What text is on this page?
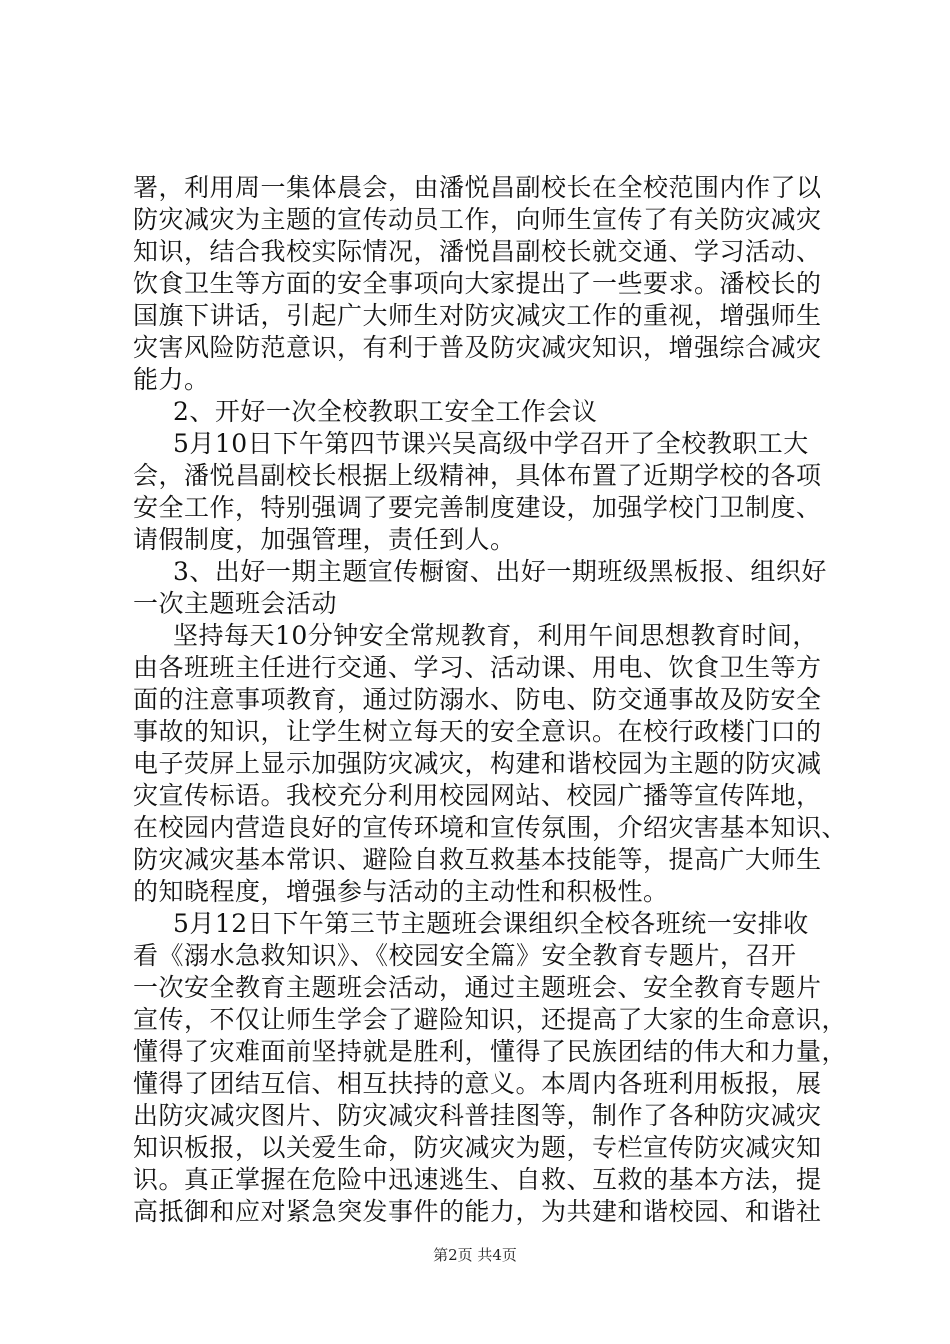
署，利用周一集体晨会，由潘悦昌副校长在全校范围内作了以
防灾减灾为主题的宣传动员工作，向师生宣传了有关防灾减灾
知识，结合我校实际情况，潘悦昌副校长就交通、学习活动、
饮食卫生等方面的安全事项向大家提出了一些要求。潘校长的
国旗下讲话，引起广大师生对防灾减灾工作的重视，增强师生
灾害风险防范意识，有利于普及防灾减灾知识，增强综合减灾
能力。
2、开好一次全校教职工安全工作会议
5月10日下午第四节课兴吴高级中学召开了全校教职工大
会，潘悦昌副校长根据上级精神，具体布置了近期学校的各项
安全工作，特别强调了要完善制度建设，加强学校门卫制度、
请假制度，加强管理，责任到人。
3、出好一期主题宣传橱窗、出好一期班级黑板报、组织好
一次主题班会活动
坚持每天10分钟安全常规教育，利用午间思想教育时间，
由各班班主任进行交通、学习、活动课、用电、饮食卫生等方
面的注意事项教育，通过防溺水、防电、防交通事故及防安全
事故的知识，让学生树立每天的安全意识。在校行政楼门口的
电子荧屏上显示加强防灾减灾，构建和谐校园为主题的防灾减
灾宣传标语。我校充分利用校园网站、校园广播等宣传阵地，
在校园内营造良好的宣传环境和宣传氛围，介绍灾害基本知识、
防灾减灾基本常识、避险自救互救基本技能等，提高广大师生
的知晓程度，增强参与活动的主动性和积极性。
5月12日下午第三节主题班会课组织全校各班统一安排收
看《溺水急救知识》、《校园安全篇》安全教育专题片，召开
一次安全教育主题班会活动，通过主题班会、安全教育专题片
宣传，不仅让师生学会了避险知识，还提高了大家的生命意识，
懂得了灾难面前坚持就是胜利，懂得了民族团结的伟大和力量，
懂得了团结互信、相互扶持的意义。本周内各班利用板报，展
出防灾减灾图片、防灾减灾科普挂图等，制作了各种防灾减灾
知识板报，以关爱生命，防灾减灾为题，专栏宣传防灾减灾知
识。真正掌握在危险中迅速逃生、自救、互救的基本方法，提
高抵御和应对紧急突发事件的能力，为共建和谐校园、和谐社
第2页 共4页
